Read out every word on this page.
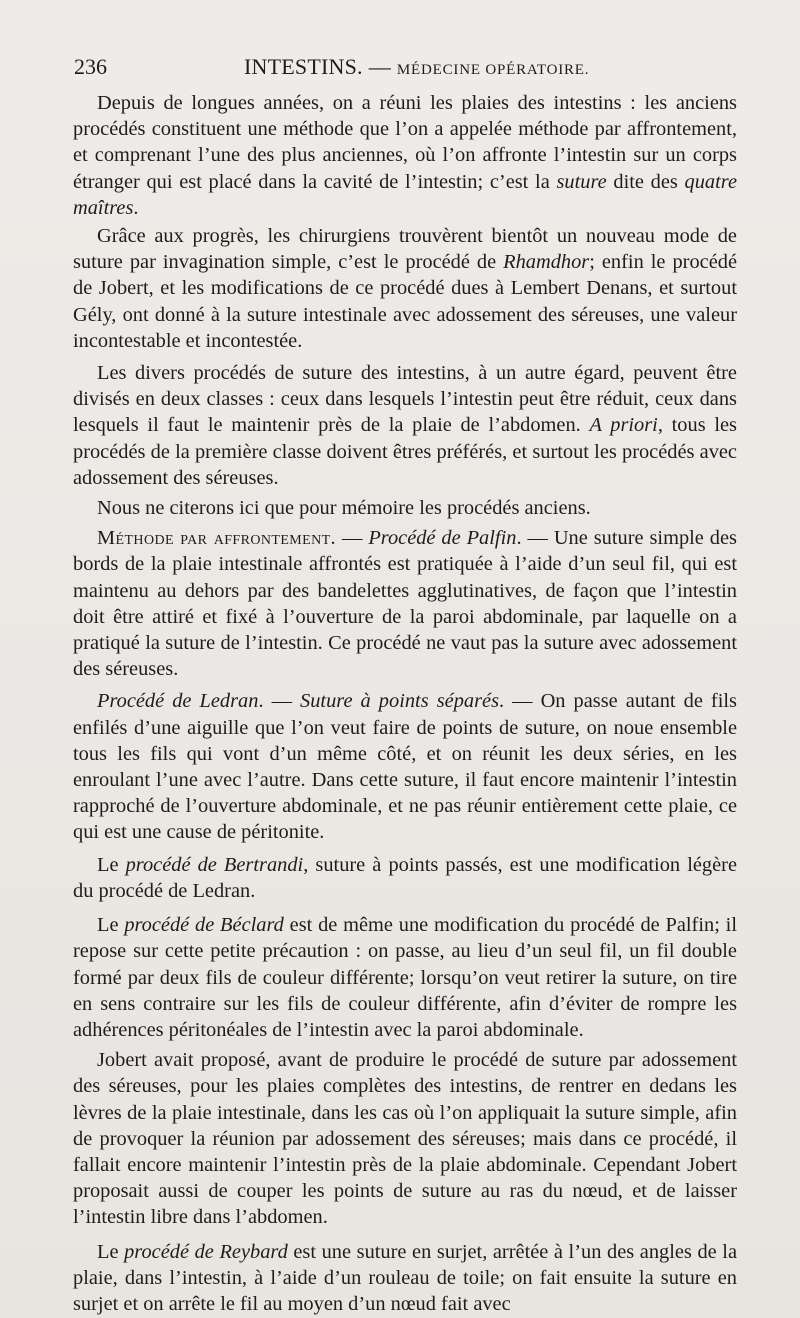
236	INTESTINS. — MÉDECINE OPÉRATOIRE.

Depuis de longues années, on a réuni les plaies des intestins : les anciens procédés constituent une méthode que l’on a appelée méthode par affrontement, et comprenant l’une des plus anciennes, où l’on affronte l’intestin sur un corps étranger qui est placé dans la cavité de l’intestin; c’est la suture dite des quatre maîtres.

Grâce aux progrès, les chirurgiens trouvèrent bientôt un nouveau mode de suture par invagination simple, c’est le procédé de Rhamdhor; enfin le procédé de Jobert, et les modifications de ce procédé dues à Lembert Denans, et surtout Gély, ont donné à la suture intestinale avec adossement des séreuses, une valeur incontestable et incontestée.

Les divers procédés de suture des intestins, à un autre égard, peuvent être divisés en deux classes : ceux dans lesquels l’intestin peut être réduit, ceux dans lesquels il faut le maintenir près de la plaie de l’abdomen. A priori, tous les procédés de la première classe doivent êtres préférés, et surtout les procédés avec adossement des séreuses.

Nous ne citerons ici que pour mémoire les procédés anciens.

Méthode par affrontement. — Procédé de Palfin. — Une suture simple des bords de la plaie intestinale affrontés est pratiquée à l’aide d’un seul fil, qui est maintenu au dehors par des bandelettes agglutinatives, de façon que l’intestin doit être attiré et fixé à l’ouverture de la paroi abdominale, par laquelle on a pratiqué la suture de l’intestin. Ce procédé ne vaut pas la suture avec adossement des séreuses.

Procédé de Ledran. — Suture à points séparés. — On passe autant de fils enfilés d’une aiguille que l’on veut faire de points de suture, on noue ensemble tous les fils qui vont d’un même côté, et on réunit les deux séries, en les enroulant l’une avec l’autre. Dans cette suture, il faut encore maintenir l’intestin rapproché de l’ouverture abdominale, et ne pas réunir entièrement cette plaie, ce qui est une cause de péritonite.

Le procédé de Bertrandi, suture à points passés, est une modification légère du procédé de Ledran.

Le procédé de Béclard est de même une modification du procédé de Palfin; il repose sur cette petite précaution : on passe, au lieu d’un seul fil, un fil double formé par deux fils de couleur différente; lorsqu’on veut retirer la suture, on tire en sens contraire sur les fils de couleur différente, afin d’éviter de rompre les adhérences péritonéales de l’intestin avec la paroi abdominale.

Jobert avait proposé, avant de produire le procédé de suture par adossement des séreuses, pour les plaies complètes des intestins, de rentrer en dedans les lèvres de la plaie intestinale, dans les cas où l’on appliquait la suture simple, afin de provoquer la réunion par adossement des séreuses; mais dans ce procédé, il fallait encore maintenir l’intestin près de la plaie abdominale. Cependant Jobert proposait aussi de couper les points de suture au ras du nœud, et de laisser l’intestin libre dans l’abdomen.

Le procédé de Reybard est une suture en surjet, arrêtée à l’un des angles de la plaie, dans l’intestin, à l’aide d’un rouleau de toile; on fait ensuite la suture en surjet et on arrête le fil au moyen d’un nœud fait avec
